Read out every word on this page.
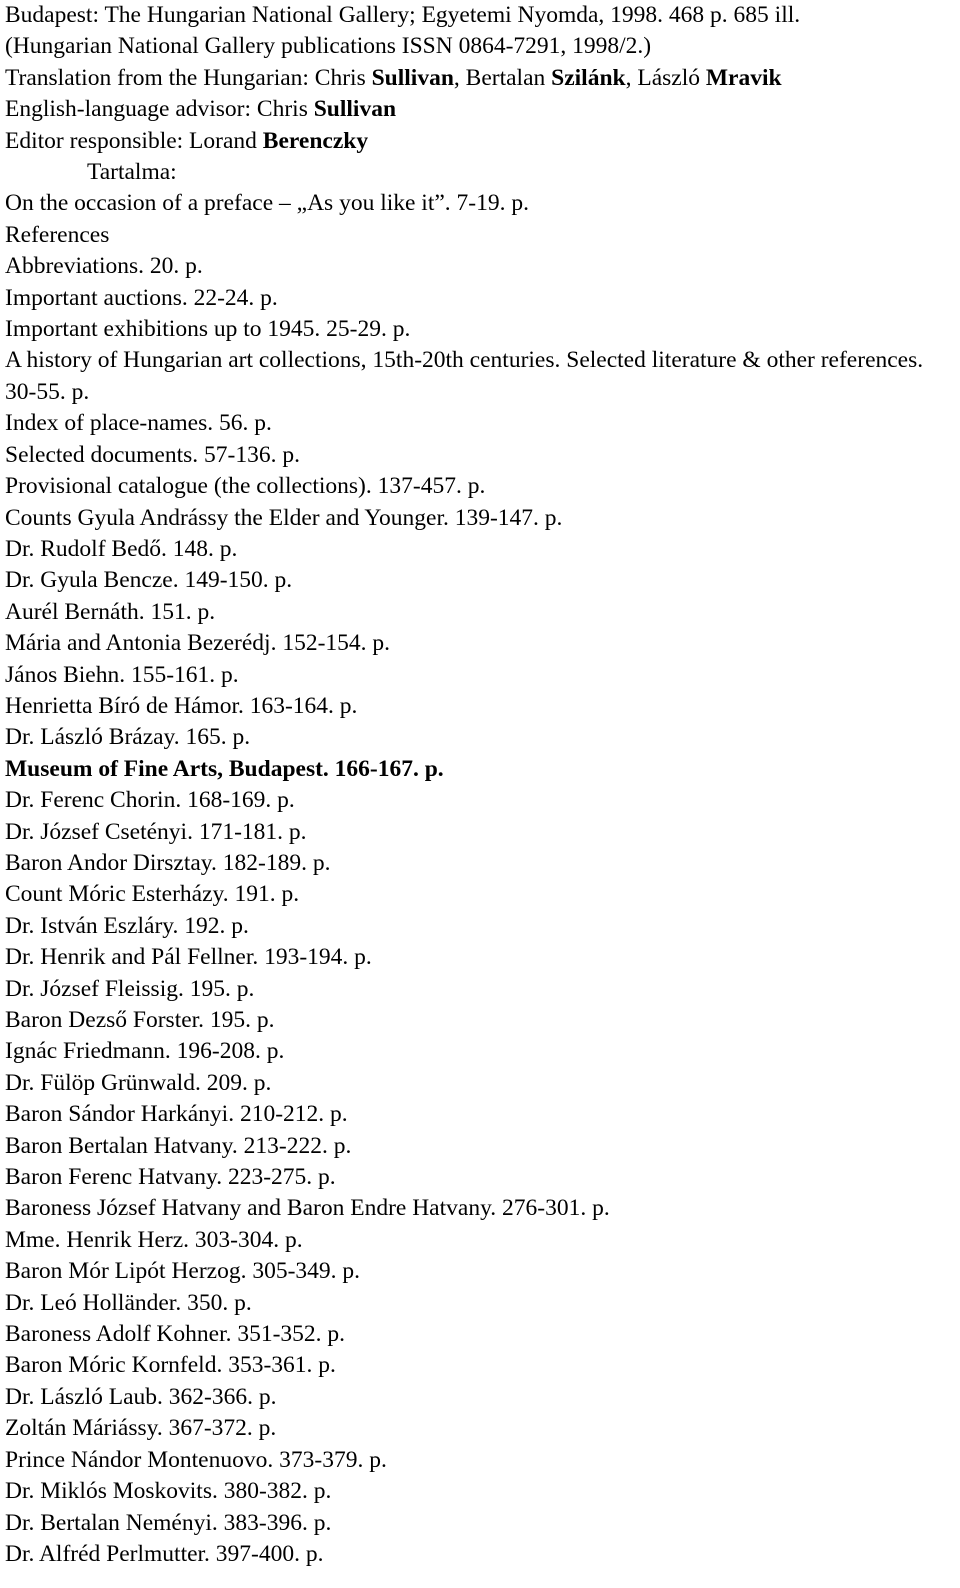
Budapest: The Hungarian National Gallery; Egyetemi Nyomda, 1998. 468 p. 685 ill.
(Hungarian National Gallery publications ISSN 0864-7291, 1998/2.)
Translation from the Hungarian: Chris Sullivan, Bertalan Szilánk, László Mravik
English-language advisor: Chris Sullivan
Editor responsible: Lorand Berenczky
Tartalma:
On the occasion of a preface – „As you like it”. 7-19. p.
References
Abbreviations. 20. p.
Important auctions. 22-24. p.
Important exhibitions up to 1945. 25-29. p.
A history of Hungarian art collections, 15th-20th centuries. Selected literature & other references. 30-55. p.
Index of place-names. 56. p.
Selected documents. 57-136. p.
Provisional catalogue (the collections). 137-457. p.
Counts Gyula Andrássy the Elder and Younger. 139-147. p.
Dr. Rudolf Bedő. 148. p.
Dr. Gyula Bencze. 149-150. p.
Aurél Bernáth. 151. p.
Mária and Antonia Bezerédj. 152-154. p.
János Biehn. 155-161. p.
Henrietta Bíró de Hámor. 163-164. p.
Dr. László Brázay. 165. p.
Museum of Fine Arts, Budapest. 166-167. p.
Dr. Ferenc Chorin. 168-169. p.
Dr. József Csetényi. 171-181. p.
Baron Andor Dirsztay. 182-189. p.
Count Móric Esterházy. 191. p.
Dr. István Eszláry. 192. p.
Dr. Henrik and Pál Fellner. 193-194. p.
Dr. József Fleissig. 195. p.
Baron Dezső Forster. 195. p.
Ignác Friedmann. 196-208. p.
Dr. Fülöp Grünwald. 209. p.
Baron Sándor Harkányi. 210-212. p.
Baron Bertalan Hatvany. 213-222. p.
Baron Ferenc Hatvany. 223-275. p.
Baroness József Hatvany and Baron Endre Hatvany. 276-301. p.
Mme. Henrik Herz. 303-304. p.
Baron Mór Lipót Herzog. 305-349. p.
Dr. Leó Holländer. 350. p.
Baroness Adolf Kohner. 351-352. p.
Baron Móric Kornfeld. 353-361. p.
Dr. László Laub. 362-366. p.
Zoltán Máriássy. 367-372. p.
Prince Nándor Montenuovo. 373-379. p.
Dr. Miklós Moskovits. 380-382. p.
Dr. Bertalan Neményi. 383-396. p.
Dr. Alfréd Perlmutter. 397-400. p.
